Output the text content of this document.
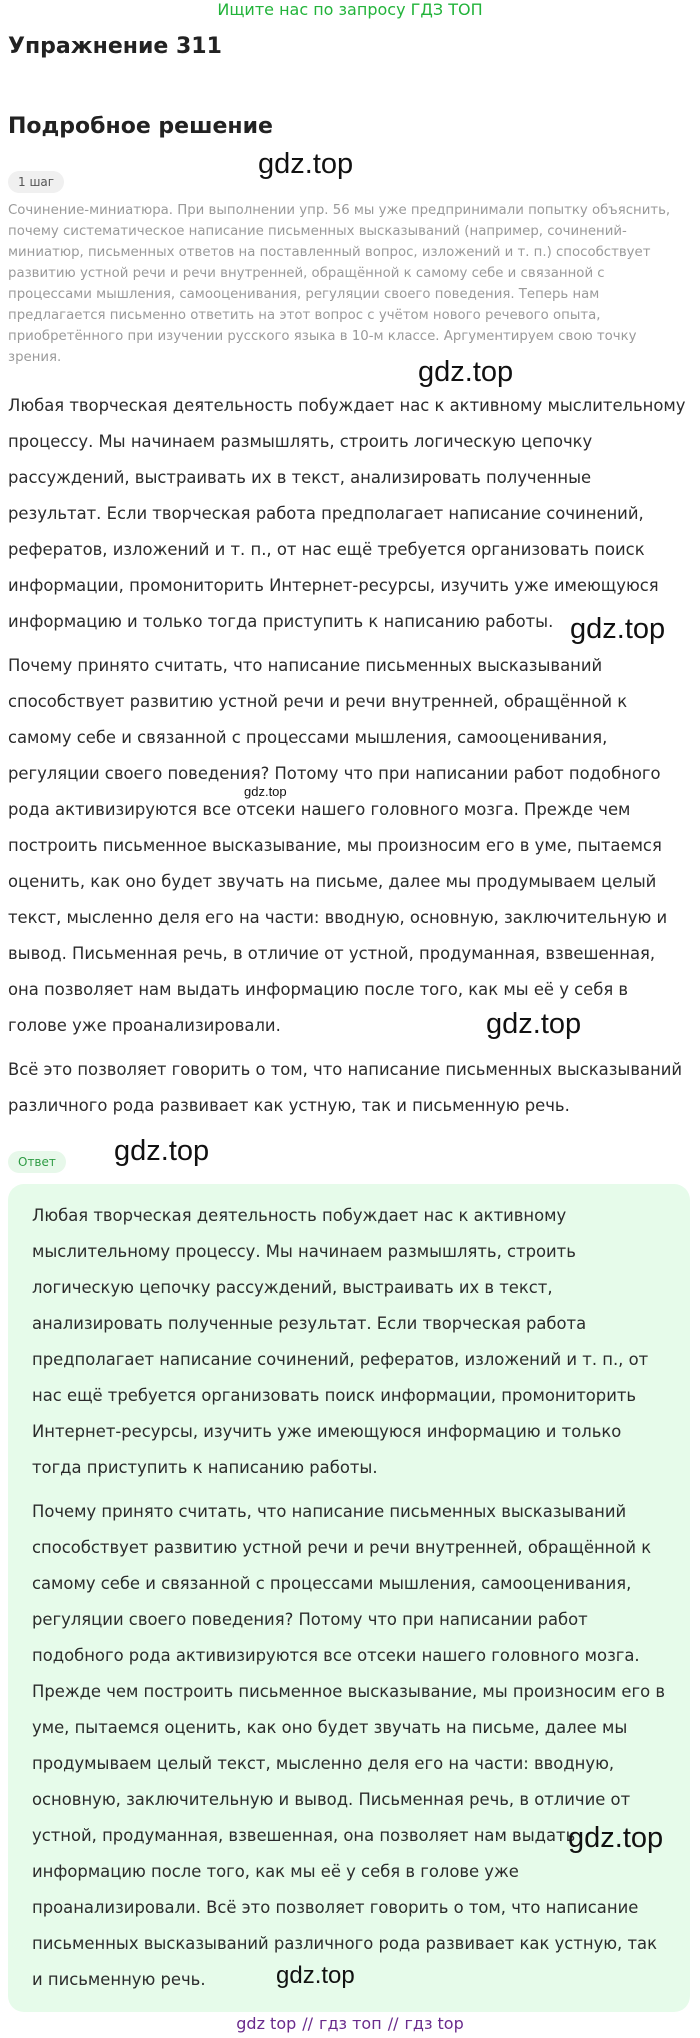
Ищите нас по запросу ГДЗ ТОП
Упражнение 311
Подробное решение
1 шаг
Сочинение-миниатюра. При выполнении упр. 56 мы уже предпринимали попытку объяснить, почему систематическое написание письменных высказываний (например, сочинений-миниатюр, письменных ответов на поставленный вопрос, изложений и т. п.) способствует развитию устной речи и речи внутренней, обращённой к самому себе и связанной с процессами мышления, самооценивания, регуляции своего поведения. Теперь нам предлагается письменно ответить на этот вопрос с учётом нового речевого опыта, приобретённого при изучении русского языка в 10-м классе. Аргументируем свою точку зрения.

Любая творческая деятельность побуждает нас к активному мыслительному процессу. Мы начинаем размышлять, строить логическую цепочку рассуждений, выстраивать их в текст, анализировать полученные результат. Если творческая работа предполагает написание сочинений, рефератов, изложений и т. п., от нас ещё требуется организовать поиск информации, промониторить Интернет-ресурсы, изучить уже имеющуюся информацию и только тогда приступить к написанию работы.

Почему принято считать, что написание письменных высказываний способствует развитию устной речи и речи внутренней, обращённой к самому себе и связанной с процессами мышления, самооценивания, регуляции своего поведения? Потому что при написании работ подобного рода активизируются все отсеки нашего головного мозга. Прежде чем построить письменное высказывание, мы произносим его в уме, пытаемся оценить, как оно будет звучать на письме, далее мы продумываем целый текст, мысленно деля его на части: вводную, основную, заключительную и вывод. Письменная речь, в отличие от устной, продуманная, взвешенная, она позволяет нам выдать информацию после того, как мы её у себя в голове уже проанализировали.

Всё это позволяет говорить о том, что написание письменных высказываний различного рода развивает как устную, так и письменную речь.

Ответ

Любая творческая деятельность побуждает нас к активному мыслительному процессу. Мы начинаем размышлять, строить логическую цепочку рассуждений, выстраивать их в текст, анализировать полученные результат. Если творческая работа предполагает написание сочинений, рефератов, изложений и т. п., от нас ещё требуется организовать поиск информации, промониторить Интернет-ресурсы, изучить уже имеющуюся информацию и только тогда приступить к написанию работы.

Почему принято считать, что написание письменных высказываний способствует развитию устной речи и речи внутренней, обращённой к самому себе и связанной с процессами мышления, самооценивания, регуляции своего поведения? Потому что при написании работ подобного рода активизируются все отсеки нашего головного мозга. Прежде чем построить письменное высказывание, мы произносим его в уме, пытаемся оценить, как оно будет звучать на письме, далее мы продумываем целый текст, мысленно деля его на части: вводную, основную, заключительную и вывод. Письменная речь, в отличие от устной, продуманная, взвешенная, она позволяет нам выдать информацию после того, как мы её у себя в голове уже проанализировали. Всё это позволяет говорить о том, что написание письменных высказываний различного рода развивает как устную, так и письменную речь.

gdz.top
gdz.top
gdz.top
gdz.top
gdz.top
gdz.top
gdz.top
gdz.top
gdz top // гдз топ // гдз top
